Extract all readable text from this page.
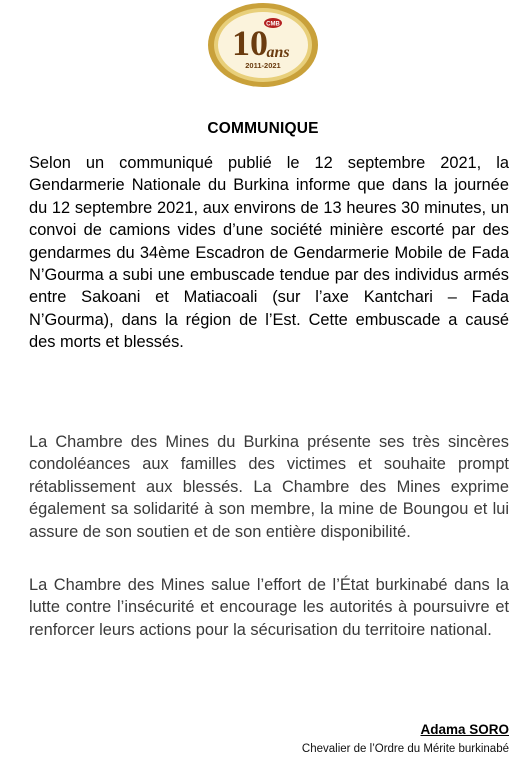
CMB
10
ans
2011-2021
COMMUNIQUE

Selon un communiqué publié le 12 septembre 2021, la Gendarmerie Nationale du Burkina informe que dans la journée du 12 septembre 2021, aux environs de 13 heures 30 minutes, un convoi de camions vides d’une société minière escorté par des gendarmes du 34ème Escadron de Gendarmerie Mobile de Fada N’Gourma a subi une embuscade tendue par des individus armés entre Sakoani et Matiacoali (sur l’axe Kantchari – Fada N’Gourma), dans la région de l’Est. Cette embuscade a causé des morts et blessés.

La Chambre des Mines du Burkina présente ses très sincères condoléances aux familles des victimes et souhaite prompt rétablissement aux blessés. La Chambre des Mines exprime également sa solidarité à son membre, la mine de Boungou et lui assure de son soutien et de son entière disponibilité.

La Chambre des Mines salue l’effort de l’État burkinabé dans la lutte contre l’insécurité et encourage les autorités à poursuivre et renforcer leurs actions pour la sécurisation du territoire national.

Adama SORO
Chevalier de l’Ordre du Mérite burkinabé
